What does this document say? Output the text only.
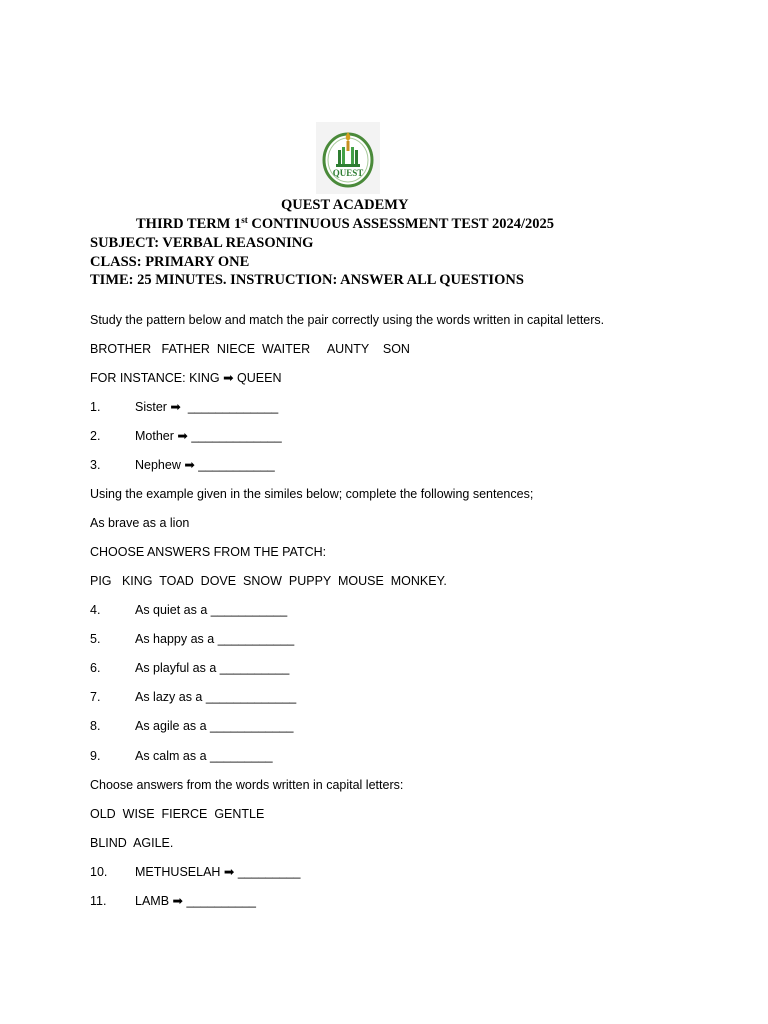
QUEST
QUEST ACADEMY
THIRD TERM 1st CONTINUOUS ASSESSMENT TEST 2024/2025
SUBJECT: VERBAL REASONING
CLASS: PRIMARY ONE
TIME: 25 MINUTES. INSTRUCTION: ANSWER ALL QUESTIONS
Study the pattern below and match the pair correctly using the words written in capital letters.
BROTHER   FATHER  NIECE  WAITER     AUNTY    SON
FOR INSTANCE: KING ➡ QUEEN

1.

	Sister ➡  _____________

2.

	Mother ➡ _____________

3.

	Nephew ➡ ___________

Using the example given in the similes below; complete the following sentences;
As brave as a lion
CHOOSE ANSWERS FROM THE PATCH:
PIG   KING  TOAD  DOVE  SNOW  PUPPY  MOUSE  MONKEY.

4.

	As quiet as a ___________

5.

	As happy as a ___________

6.

	As playful as a __________

7.

	As lazy as a _____________

8.

	As agile as a ____________

9.

	As calm as a _________

Choose answers from the words written in capital letters:
OLD  WISE  FIERCE  GENTLE
BLIND  AGILE.

10.

METHUSELAH ➡ _________

11.

LAMB ➡ __________
